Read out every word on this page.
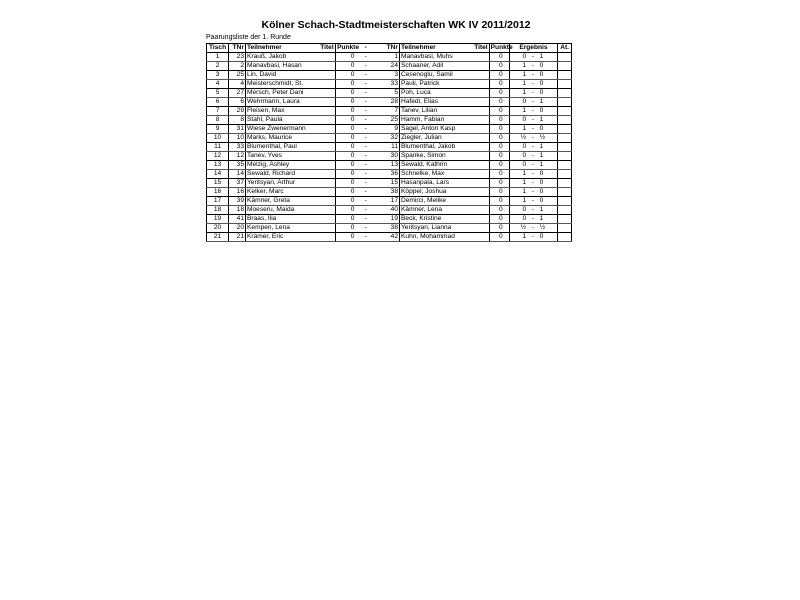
Kölner Schach-Stadtmeisterschaften WK IV 2011/2012
Paarungsliste der 1. Runde
Tisch	TNr	Teilnehmer	Titel	Punkte	-	TNr	Teilnehmer	Titel	Punkte	Ergebnis			At.
1	23	Krauß, Jakob		0	-	1	Manavbasi, Muhs		0	0	-	1	
2	2	Manavbasi, Hasan		0	-	24	Schaaner, Adil		0	1	-	0	
3	25	Lin, David		0	-	3	Cesenoglu, Samil		0	1	-	0	
4	4	Meisterschmidt, St.		0	-	33	Pauli, Patrick		0	1	-	0	
5	27	Mersch, Peter Dani		0	-	5	Poh, Luca		0	1	-	0	
6	6	Wehrmann, Laura		0	-	28	Hafedi, Elias		0	0	-	1	
7	29	Fleisen, Max		0	-	7	Tanev, Lilian		0	1	-	0	
8	8	Stahl, Paula		0	-	25	Hamm, Fabian		0	0	-	1	
9	31	Wiese Zwenermann		0	-	9	Sagel, Anton Kasp		0	1	-	0	
10	10	Marks, Maurice		0	-	32	Ziegler, Julian		0	½	-	½	
11	33	Blumenthal, Paul		0	-	11	Blumenthal, Jakob		0	0	-	1	
12	12	Tanev, Yves		0	-	30	Spanke, Simon		0	0	-	1	
13	35	Melzig, Ashley		0	-	13	Sewald, Kathrin		0	0	-	1	
14	14	Sewald, Richard		0	-	36	Schnelke, Max		0	1	-	0	
15	37	Yeritsyan, Arthur		0	-	15	Hasanpala, Lars		0	1	-	0	
16	16	Kelker, Marc		0	-	38	Köppel, Joshua		0	1	-	0	
17	39	Kämner, Greta		0	-	17	Demirci, Melike		0	1	-	0	
18	18	Moeseru, Maida		0	-	40	Kämner, Lena		0	0	-	1	
19	41	Braas, Ilia		0	-	19	Beck, Kristine		0	0	-	1	
20	20	Kempen, Lena		0	-	38	Yeritsyan, Lianna		0	½	-	½	
21	21	Krämer, Eric		0	-	42	Kuhn, Mohammad		0	1	-	0	
